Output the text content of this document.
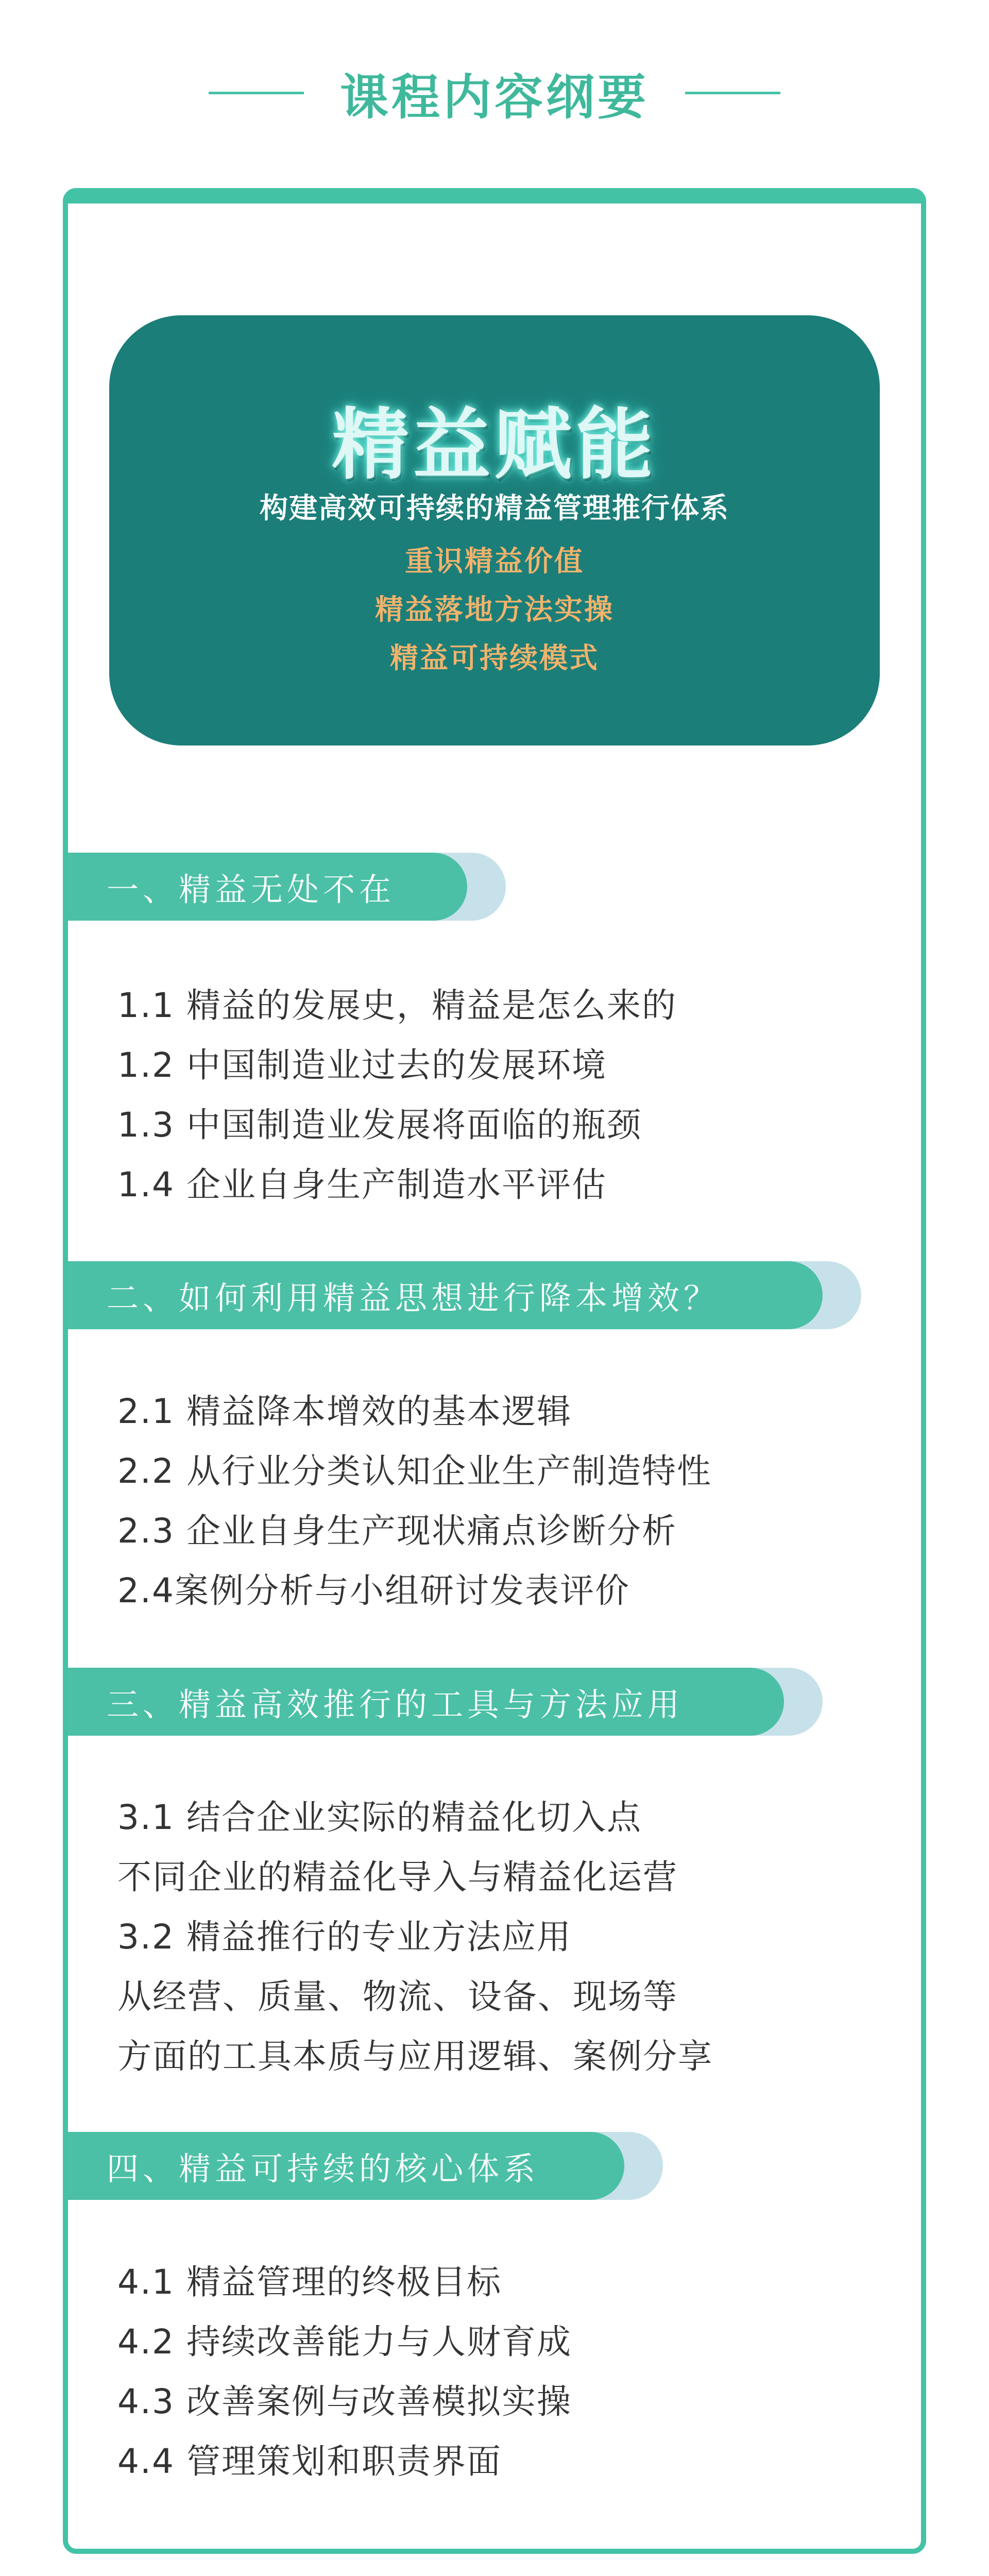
课程内容纲要
精益赋能
构建高效可持续的精益管理推行体系
重识精益价值
精益落地方法实操
精益可持续模式
一、精益无处不在
1.1 精益的发展史，精益是怎么来的
1.2 中国制造业过去的发展环境
1.3 中国制造业发展将面临的瓶颈
1.4 企业自身生产制造水平评估
二、如何利用精益思想进行降本增效？
2.1 精益降本增效的基本逻辑
2.2 从行业分类认知企业生产制造特性
2.3 企业自身生产现状痛点诊断分析
2.4案例分析与小组研讨发表评价
三、精益高效推行的工具与方法应用
3.1 结合企业实际的精益化切入点
不同企业的精益化导入与精益化运营
3.2 精益推行的专业方法应用
从经营、质量、物流、设备、现场等
方面的工具本质与应用逻辑、案例分享
四、精益可持续的核心体系
4.1 精益管理的终极目标
4.2 持续改善能力与人财育成
4.3 改善案例与改善模拟实操
4.4 管理策划和职责界面
